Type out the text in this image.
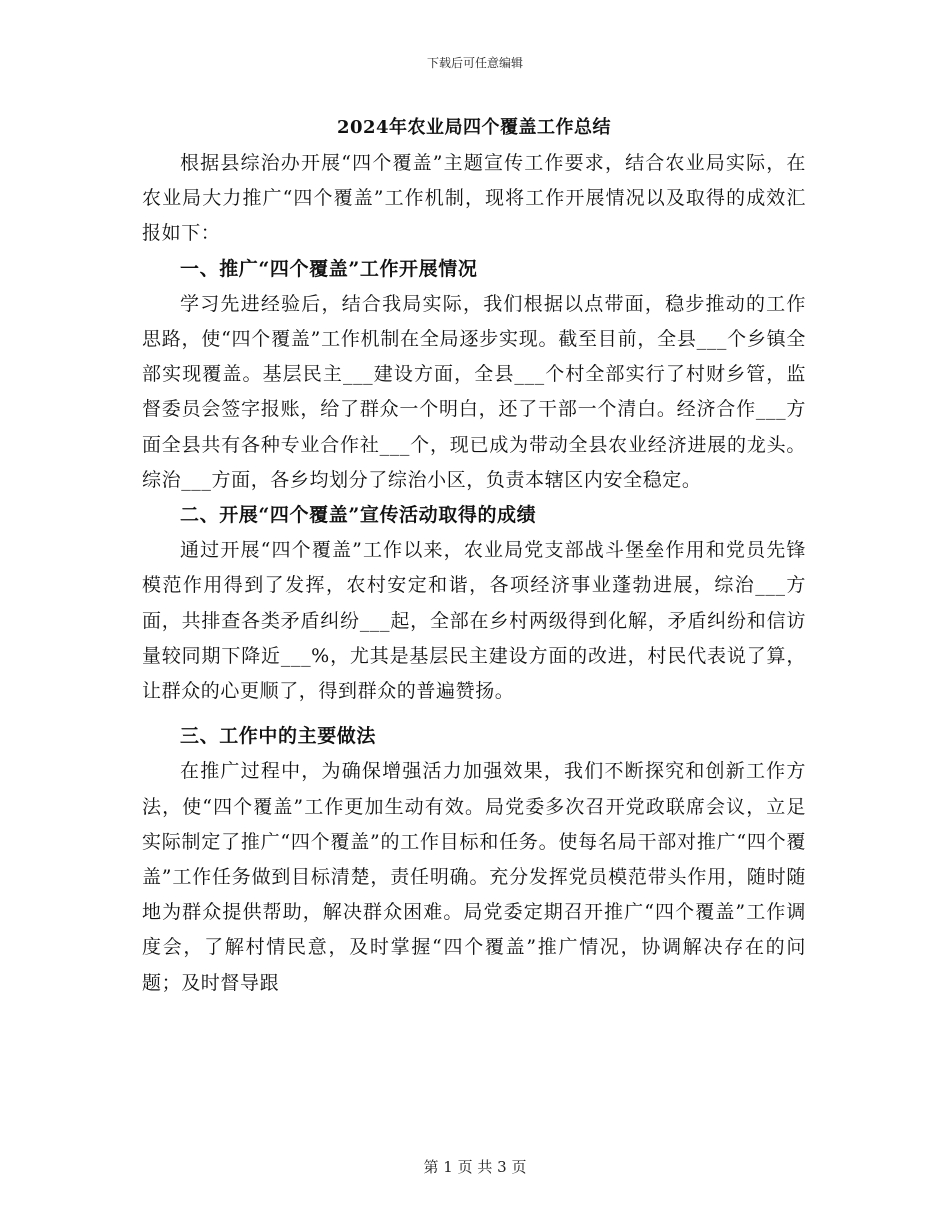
下载后可任意编辑
2024年农业局四个覆盖工作总结

根据县综治办开展“四个覆盖”主题宣传工作要求，结合农业局实际，在农业局大力推广“四个覆盖”工作机制，现将工作开展情况以及取得的成效汇报如下：

一、推广“四个覆盖”工作开展情况

学习先进经验后，结合我局实际，我们根据以点带面，稳步推动的工作思路，使“四个覆盖”工作机制在全局逐步实现。截至目前，全县___个乡镇全部实现覆盖。基层民主___建设方面，全县___个村全部实行了村财乡管，监督委员会签字报账，给了群众一个明白，还了干部一个清白。经济合作___方面全县共有各种专业合作社___个，现已成为带动全县农业经济进展的龙头。综治___方面，各乡均划分了综治小区，负责本辖区内安全稳定。

二、开展“四个覆盖”宣传活动取得的成绩

通过开展“四个覆盖”工作以来，农业局党支部战斗堡垒作用和党员先锋模范作用得到了发挥，农村安定和谐，各项经济事业蓬勃进展，综治___方面，共排查各类矛盾纠纷___起，全部在乡村两级得到化解，矛盾纠纷和信访量较同期下降近___%，尤其是基层民主建设方面的改进，村民代表说了算，让群众的心更顺了，得到群众的普遍赞扬。

三、工作中的主要做法

在推广过程中，为确保增强活力加强效果，我们不断探究和创新工作方法，使“四个覆盖”工作更加生动有效。局党委多次召开党政联席会议，立足实际制定了推广“四个覆盖”的工作目标和任务。使每名局干部对推广“四个覆盖”工作任务做到目标清楚，责任明确。充分发挥党员模范带头作用，随时随地为群众提供帮助，解决群众困难。局党委定期召开推广“四个覆盖”工作调度会，了解村情民意，及时掌握“四个覆盖”推广情况，协调解决存在的问题；及时督导跟

第 1 页 共 3 页
